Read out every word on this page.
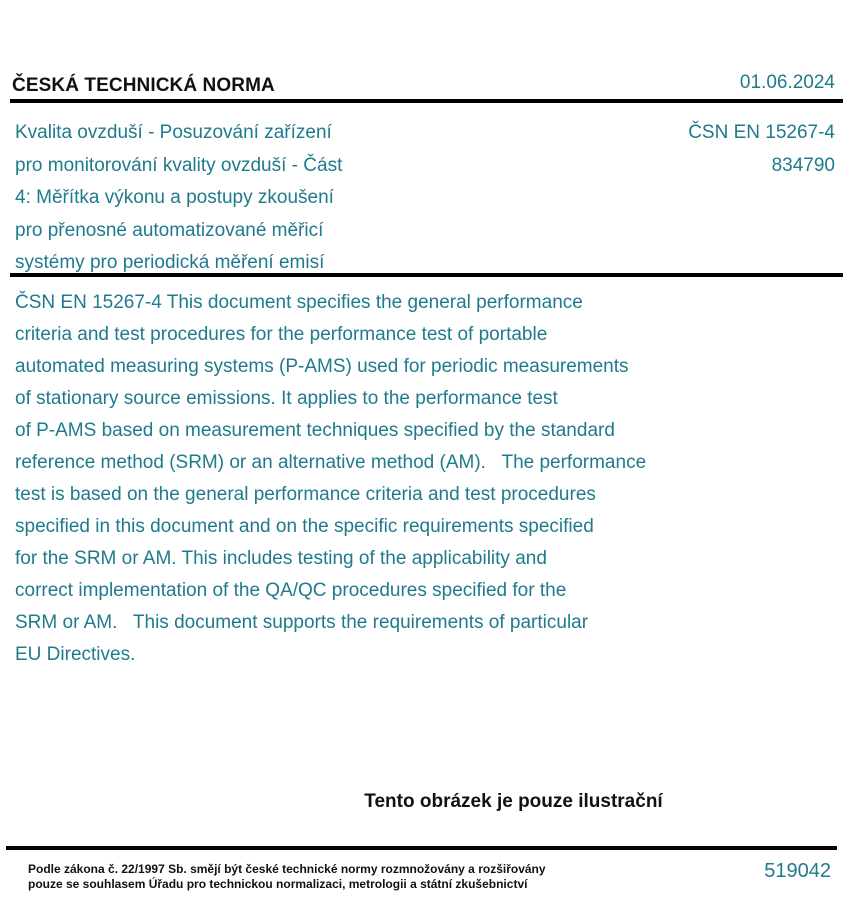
ČESKÁ TECHNICKÁ NORMA	01.06.2024
Kvalita ovzduší - Posuzování zařízení
pro monitorování kvality ovzduší - Část
4: Měřítka výkonu a postupy zkoušení
pro přenosné automatizované měřicí
systémy pro periodická měření emisí
ČSN EN 15267-4
834790
ČSN EN 15267-4 This document specifies the general performance
criteria and test procedures for the performance test of portable
automated measuring systems (P-AMS) used for periodic measurements
of stationary source emissions. It applies to the performance test
of P-AMS based on measurement techniques specified by the standard
reference method (SRM) or an alternative method (AM).   The performance
test is based on the general performance criteria and test procedures
specified in this document and on the specific requirements specified
for the SRM or AM. This includes testing of the applicability and
correct implementation of the QA/QC procedures specified for the
SRM or AM.   This document supports the requirements of particular
EU Directives.
Tento obrázek je pouze ilustrační
Podle zákona č. 22/1997 Sb. smějí být české technické normy rozmnožovány a rozšiřovány
pouze se souhlasem Úřadu pro technickou normalizaci, metrologii a státní zkušebnictví
519042
